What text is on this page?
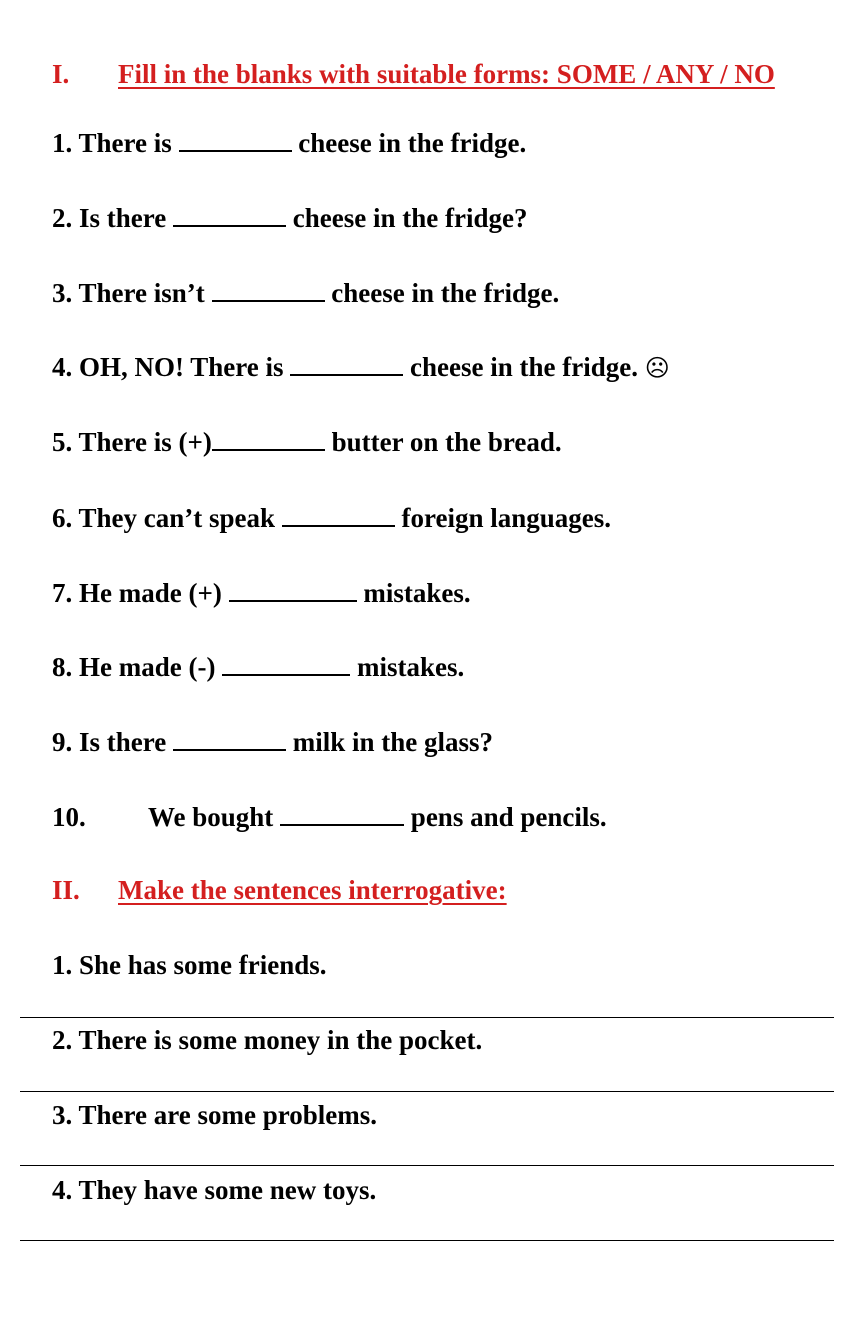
I. Fill in the blanks with suitable forms: SOME / ANY / NO
1. There is	cheese in the fridge.
2. Is there	cheese in the fridge?
3. There isn’t	cheese in the fridge.
4. OH, NO! There is	cheese in the fridge. ☹
5. There is (+)	butter on the bread.
6. They can’t speak	foreign languages.
7. He made (+)	mistakes.
8. He made (-)	mistakes.
9. Is there	milk in the glass?
10. We bought	pens and pencils.
II. Make the sentences interrogative:
1. She has some friends.
2. There is some money in the pocket.
3. There are some problems.
4. They have some new toys.
